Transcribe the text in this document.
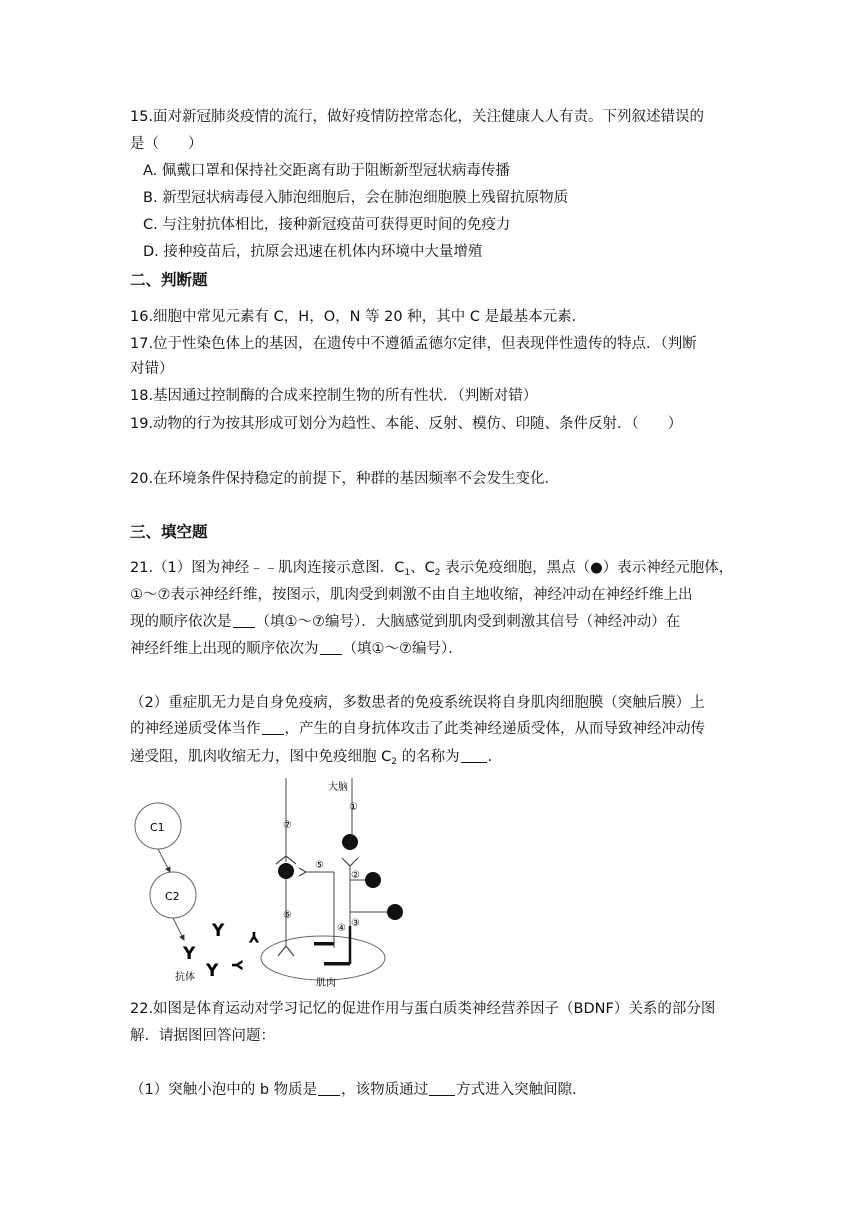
15.面对新冠肺炎疫情的流行，做好疫情防控常态化，关注健康人人有责。下列叙述错误的
是（　　）
A. 佩戴口罩和保持社交距离有助于阻断新型冠状病毒传播
B. 新型冠状病毒侵入肺泡细胞后，会在肺泡细胞膜上残留抗原物质
C. 与注射抗体相比，接种新冠疫苗可获得更时间的免疫力
D. 接种疫苗后，抗原会迅速在机体内环境中大量增殖
二、判断题
16.细胞中常见元素有 C，H，O，N 等 20 种，其中 C 是最基本元素．
17.位于性染色体上的基因，在遗传中不遵循孟德尔定律，但表现伴性遗传的特点．（判断
对错）
18.基因通过控制酶的合成来控制生物的所有性状．（判断对错）
19.动物的行为按其形成可划分为趋性、本能、反射、模仿、印随、条件反射．（　　）
20.在环境条件保持稳定的前提下，种群的基因频率不会发生变化．
三、填空题
21.（1）图为神经﹣﹣肌肉连接示意图．$C_1$、$C_2$ 表示免疫细胞，黑点（●）表示神经元胞体，
①～⑦表示神经纤维，按图示，肌肉受到刺激不由自主地收缩，神经冲动在神经纤维上出
现的顺序依次是 （填①～⑦编号）．大脑感觉到肌肉受到刺激其信号（神经冲动）在
神经纤维上出现的顺序依次为 （填①～⑦编号）．
（2）重症肌无力是自身免疫病，多数患者的免疫系统误将自身肌肉细胞膜（突触后膜）上
的神经递质受体当作 ，产生的自身抗体攻击了此类神经递质受体，从而导致神经冲动传
递受阻，肌肉收缩无力，图中免疫细胞 $C_2$ 的名称为 ．
C1
C2
Y
Y
Y
Y
Y
抗体
肌肉
大脑
⑦
⑥
⑤
④
①
②
③
22.如图是体育运动对学习记忆的促进作用与蛋白质类神经营养因子（BDNF）关系的部分图
解．请据图回答问题：
（1）突触小泡中的 b 物质是 ，该物质通过 方式进入突触间隙．
